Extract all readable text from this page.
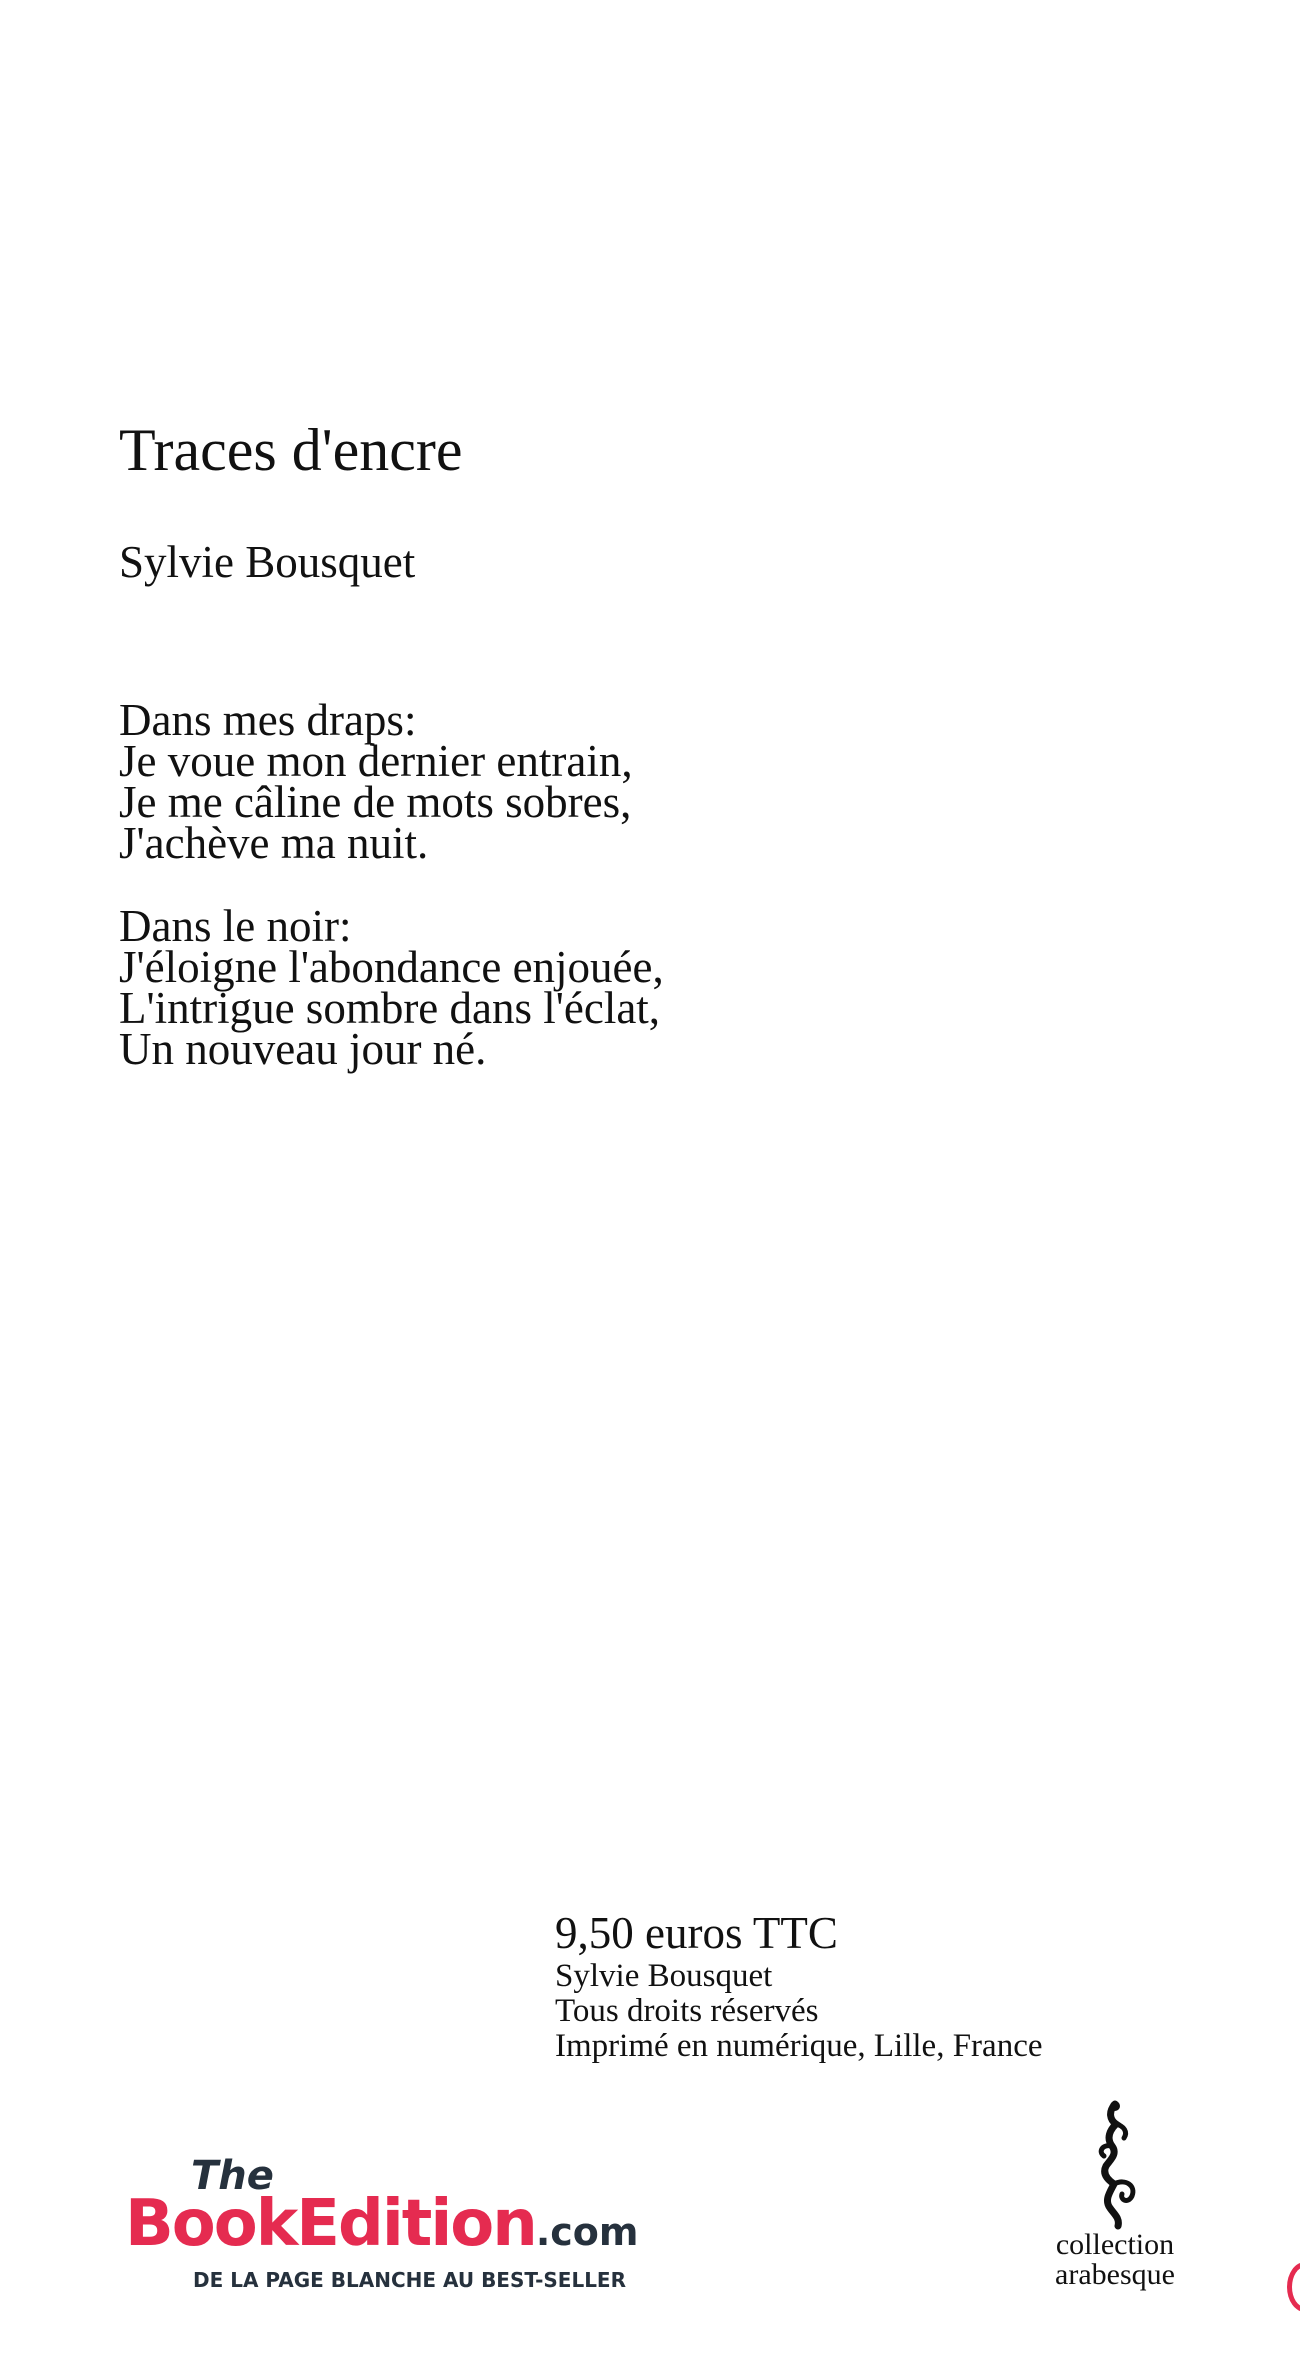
Traces d'encre
Sylvie Bousquet
Dans mes draps:
Je voue mon dernier entrain,
Je me câline de mots sobres,
J'achève ma nuit.
Dans le noir:
J'éloigne l'abondance enjouée,
L'intrigue sombre dans l'éclat,
Un nouveau jour né.
9,50 euros TTC
Sylvie Bousquet
Tous droits réservés
Imprimé en numérique, Lille, France
The
BookEdition.com
DE LA PAGE BLANCHE AU BEST-SELLER
collection
arabesque
